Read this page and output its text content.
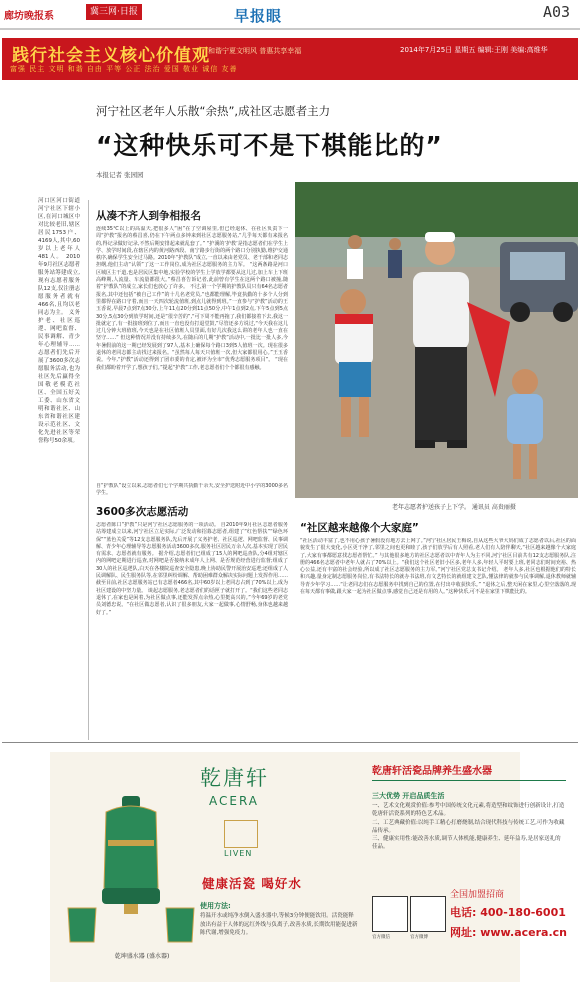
廊坊晚报系	冀三网·日报	早报眼	A03
践行社会主义核心价值观
和谐宁夏文明风 普惠共享幸福
富强 民主 文明 和谐 自由 平等 公正 法治 爱国 敬业 诚信 友善
2014年7月25日 星期五 编辑:王刚 美编:高维华
河宁社区老年人乐散“余热”,成社区志愿者主力
“这种快乐可不是下棋能比的”
本报记者 张园园

河口区河口街道河宁社区下辖小区,在河口城区中对比较老旧,辖区居民1753户、4169人,其中,60岁以上老年人481人。 2010年9月社区志愿者服务站筹建成立,现有志愿者服务队12支,仅注册志愿服务者就有466名,且均以老同志为主。 义务护老、社区巡逻、网吧监督、民事调解、青少年心理辅导……志愿者们先后开展了3600多次志愿服务活动,也为社区先后赢得全国敬老模范社区、全国五好关工委、山东省文明和谐社区、山东省和谐社区建设示范社区、文化先进社区等荣誉称号50余项。

从凑不齐人到争相报名

连续35℃以上的高温天,把很多人“困”在了空调屋里,但已经退休、在社区负责下一周“护教”报名的蔡昌喜,仍在下午两点多钟来到社区志愿服务站,“几乎每天都有来报名的,得记录做好记录,不然后期安排起来就乱套了。” “护溪的‘护教’是指志愿者们在学生上学、放学时间段,在辖区内的黄河路西段、南宁路步行街的两个路口分别执勤,维护交通秩序,确保学生安全过马路。2010年“护教队”成立,一直以来由老党员、老干部和老同志担纲,他们主动“认领”了这一工作岗位,成为社区志愿服务的主力军。 “这两条路是河口区城区主干道,也是居民区集中地,实验学校的学生上学放学都要从这儿过,加上车上下班高峰期,人流量、车流量都很大。”蔡昌喜告诉记者,此前曾有学生在这两个路口被撞,随着“护教队”的成立,家长们也放心了许多。 不过,第一个学期的护教队员只有64名志愿者报名,其中还包括“被自己工作”的十几名老党员,“也都能理解,毕竟执勤的十多个人分到里都得在路口守着,而且一天四次轮流值班,到点儿就得到班。”一直参与“护教”活动的王玉香说,早晨7点到7点30分,上午11点20分到11点50分,中午1点到2点,下午5点到5点30分,5点30分到放学时间,还是“很辛苦的”,“可下周不能再拖了,我们都接着下去,我这一批就定了,有一批接班到位了,而且一直也没有打退堂鼓,”尽管还多方说过,“今天我在这儿过几分钟大班值班,今天也是在社区值班人员里面,有好几次我这么讲的老年人也一直在坚守……” 但这种情况并没有持续多久,在随后的几期“护教”活动中,一批比一批人多,今年暑假前的这一期已经发展到了97人,基本上确保每个路口3到5人值班一次。现在很多退休的老同志都主动找过来报名。“虽然每人每天只值班一次,但大家都很用心。”王玉香说。今年,“护教”活动还得到了团市委的肯定,被评为全市“优秀志愿服务项目”。 “现在我们都盼着开学了,想孩子们。”提起“护教”工作,老志愿者们个个都很有感触。

自“护教队”设立以来,志愿者们七个学期共执勤干余天,安全护送附近中小学的3000多名学生。

3600多次志愿活动

志愿者陈口“护教”只是河宁社区志愿服务的一项活动。 自2010年9月社区志愿者服务站筹建成立以来,河宁社区立足实际,广泛发动和招募志愿者,组建了“红色帮扶”“绿色环保”“蓝色关爱”等12支志愿服务队,先后开展了义务护老、社区巡逻、网吧监督、民事调解、青少年心理辅导等志愿服务活动3600多次,服务社区居民万余人次,基本实现了居民有需求、志愿者就有服务。 据介绍,志愿者们已组成了15人的网吧巡查队,分4组对辖区内的网吧定期进行巡查,对网吧是否接纳未成年人上网、是否规范经营进行监督;组成了30人的社区巡逻队,白天在各楼院巡查安全隐患,晚上协助民警开展治安巡逻;还组成了人民调解队、民生服务队等,在邻里纠纷调解、帮助困难群众解决实际问题上发挥作用……截至目前,社区志愿服务站已有志愿者466名,其中60岁以上老同志占到了70%以上,成为社区建设的中坚力量。 谈起志愿服务,老志愿者们的话匣子就打开了。“我们这些老同志退休了,在家也是闲着,为社区做点事,还能发挥点余热,心里挺高兴的。”今年69岁的老党员刘德忠说。“在社区做志愿者,认识了很多朋友,大家一起做事,心情舒畅,身体也越来越好了。”

老年志愿者护送孩子上下学。 通讯员 高贵丽摄
“社区越来越像个大家庭”

“社区活动丰富了,也不用心孩子暑假没有地方去上网了。”河宁社区居民王梅说,自从这些大爷大妈们成了志愿者以后,社区的面貌发生了很大变化,小区更干净了,邻里之间也更和睦了,孩子们放学后有人照看,老人们有人陪伴聊天,“社区越来越像个大家庭了,大家有事都愿意找志愿者帮忙。” 与其他很多地方的社区志愿者以中青年人为主不同,河宁社区目前共有12支志愿服务队,注册的466名志愿者中老年人就占了70%以上。“我们这个社区老旧小区多,老年人多,年轻人平时要上班,老同志们时间充裕、热心公益,还有丰富的社会经验,所以成了社区志愿服务的主力军。”河宁社区党总支书记介绍。 老年人多,社区也根据他们的特长和兴趣,量身定制志愿服务岗位,有书法特长的就办书法班,有文艺特长的就组建文艺队,懂法律的就参与民事调解,退休教师就辅导青少年学习……“让老同志们在志愿服务中找到自己的位置,在付出中收获快乐。” “退休之后,整天闲在家里,心里空落落的,现在每天都有事做,跟大家一起为社区做点事,感觉自己还是有用的人。”这种快乐,可不是在家里下棋能比的。

乾坤盛水器 (盛水器)
乾唐轩
ACERA
LIVEN
健康活瓷 喝好水
使用方法:

将温开水或纯净水倒入盛水器中,等候3分钟便能饮用。活瓷能释放出有益于人体的远红外线与负离子,改善水质,长期饮用能促进新陈代谢,增强免疫力。

乾唐轩活瓷品牌养生盛水器
三大优势 开启品质生活
一、艺术文化观赏价值:参考中国传统文化元素,将造型和纹饰进行创新设计,打造乾唐轩活瓷系列的特色艺术品。
二、工艺典藏价值:以纯手工精心打磨烧制,结合现代科技与传统工艺,可作为收藏品传承。
三、健康实用性:能改善水质,调节人体机能,健康养生、延年益寿,是居家送礼的佳品。
官方微信	官方微博
全国加盟招商
电话: 400-180-6001
网址: www.acera.cn
